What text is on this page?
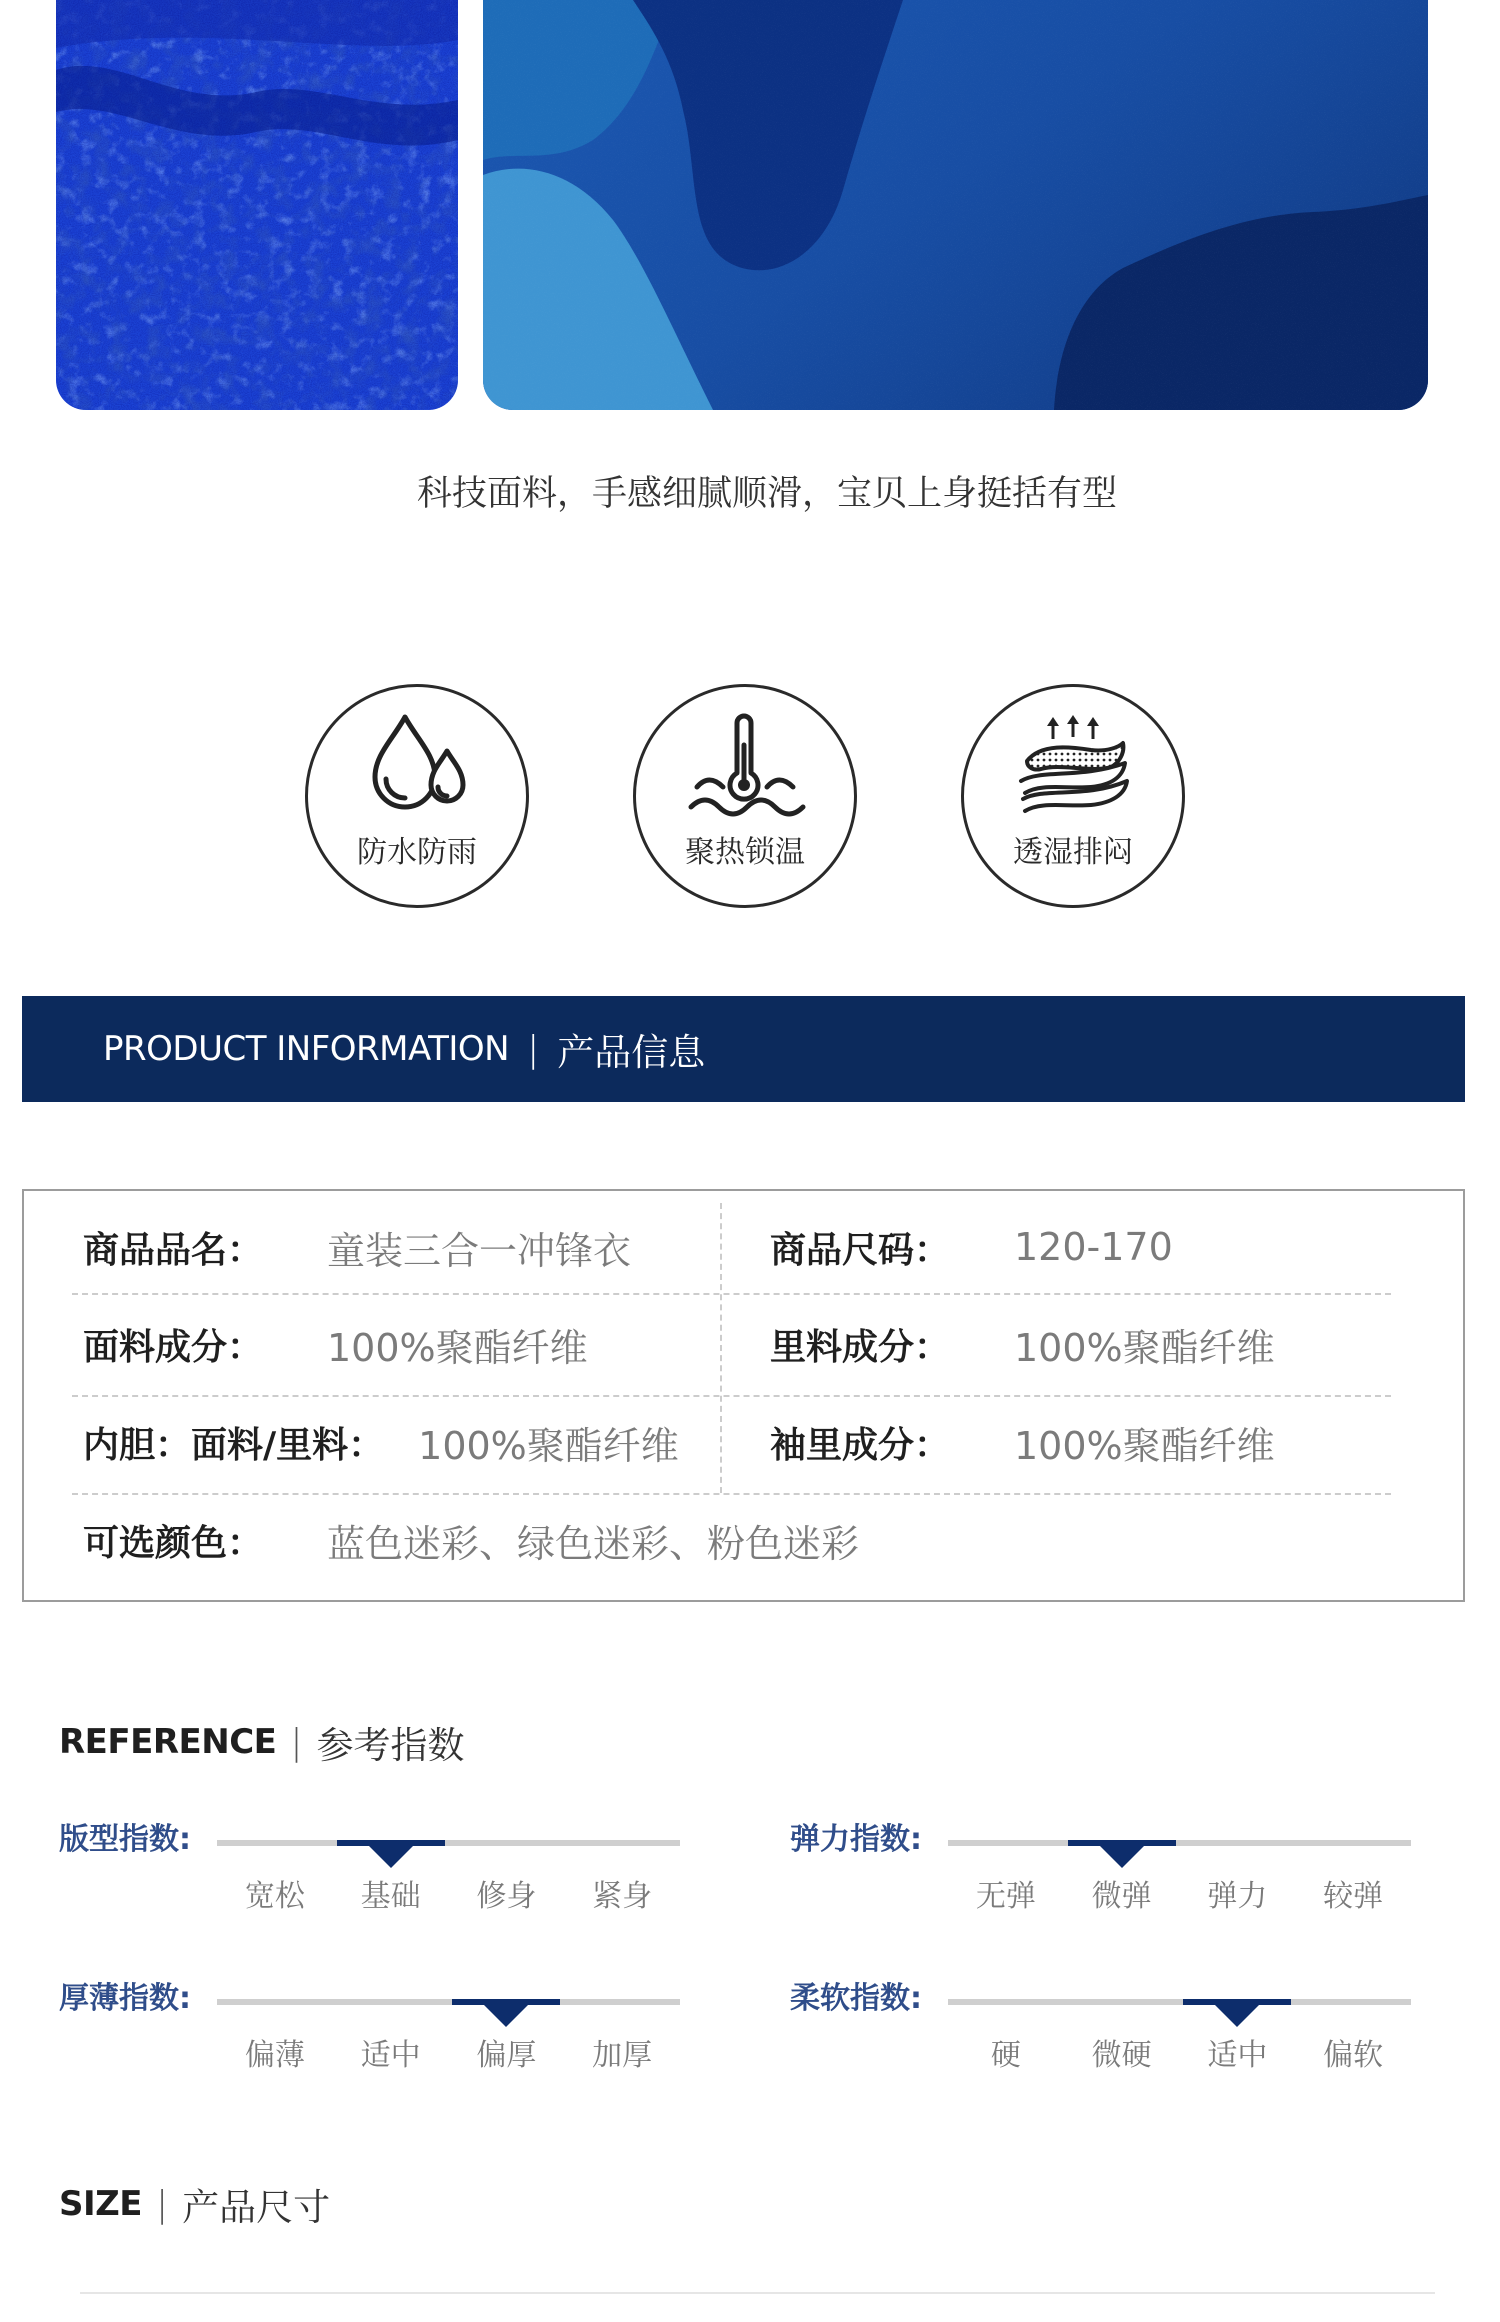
科技面料，手感细腻顺滑，宝贝上身挺括有型

防水防雨	聚热锁温	透湿排闷
PRODUCT INFORMATION | 产品信息
商品品名：	童装三合一冲锋衣	商品尺码：	120-170
面料成分：	100%聚酯纤维	里料成分：	100%聚酯纤维
内胆：面料/里料： 100%聚酯纤维	袖里成分：	100%聚酯纤维
可选颜色：	蓝色迷彩、绿色迷彩、粉色迷彩
REFERENCE | 参考指数
版型指数:
宽松	基础	修身	紧身
弹力指数:
无弹	微弹	弹力	较弹
厚薄指数:
偏薄	适中	偏厚	加厚
柔软指数:
硬	微硬	适中	偏软
SIZE | 产品尺寸
